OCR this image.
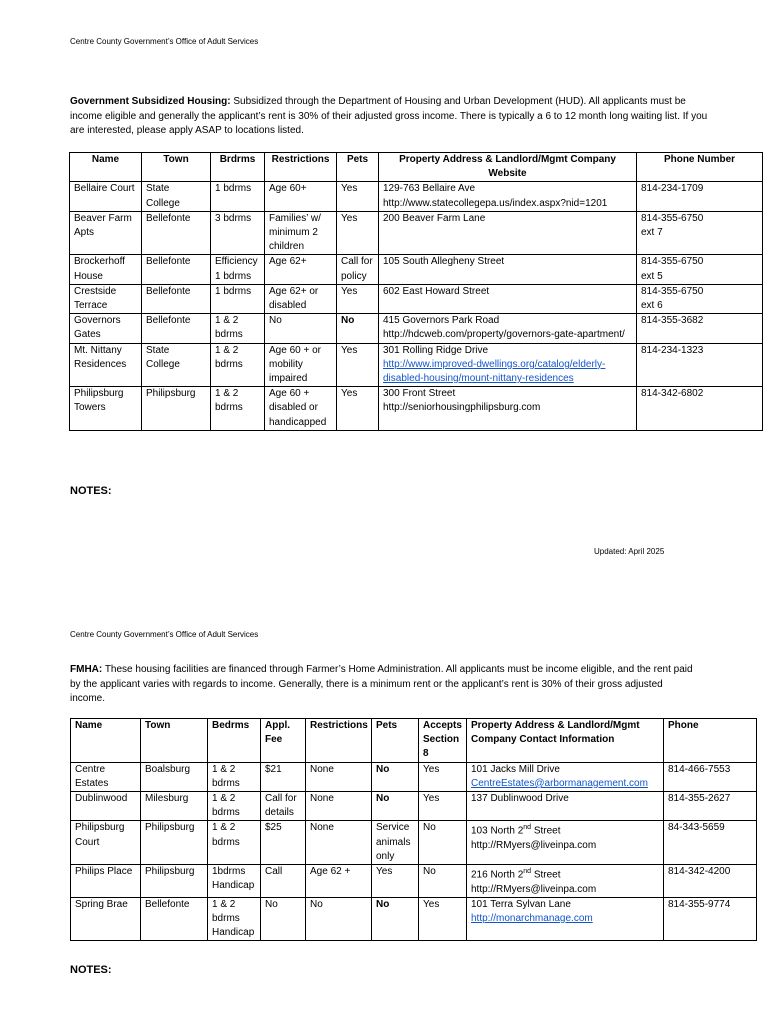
Centre County Government’s Office of Adult Services
Government Subsidized Housing: Subsidized through the Department of Housing and Urban Development (HUD). All applicants must be income eligible and generally the applicant’s rent is 30% of their adjusted gross income. There is typically a 6 to 12 month long waiting list. If you are interested, please apply ASAP to locations listed.
Name	Town	Brdrms	Restrictions	Pets	Property Address & Landlord/Mgmt Company Website	Phone Number
Bellaire Court	State College	1 bdrms	Age 60+	Yes	129-763 Bellaire Ave
http://www.statecollegepa.us/index.aspx?nid=1201	814-234-1709
Beaver Farm Apts	Bellefonte	3 bdrms	Families’ w/ minimum 2 children	Yes	200 Beaver Farm Lane	814-355-6750
ext 7
Brockerhoff House	Bellefonte	Efficiency 1 bdrms	Age 62+	Call for policy	105 South Allegheny Street	814-355-6750
ext 5
Crestside Terrace	Bellefonte	1 bdrms	Age 62+ or disabled	Yes	602 East Howard Street	814-355-6750
ext 6
Governors Gates	Bellefonte	1 & 2 bdrms	No	No	415 Governors Park Road
http://hdcweb.com/property/governors-gate-apartment/	814-355-3682
Mt. Nittany Residences	State College	1 & 2 bdrms	Age 60 + or mobility impaired	Yes	301 Rolling Ridge Drive
http://www.improved-dwellings.org/catalog/elderly-disabled-housing/mount-nittany-residences	814-234-1323
Philipsburg Towers	Philipsburg	1 & 2 bdrms	Age 60 + disabled or handicapped	Yes	300 Front Street
http://seniorhousingphilipsburg.com	814-342-6802
NOTES:
Updated: April 2025
Centre County Government’s Office of Adult Services
FMHA: These housing facilities are financed through Farmer’s Home Administration. All applicants must be income eligible, and the rent paid by the applicant varies with regards to income. Generally, there is a minimum rent or the applicant’s rent is 30% of their gross adjusted income.
Name	Town	Bedrms	Appl. Fee	Restrictions	Pets	Accepts Section 8	Property Address & Landlord/Mgmt Company Contact Information	Phone
Centre Estates	Boalsburg	1 & 2 bdrms	$21	None	No	Yes	101 Jacks Mill Drive
CentreEstates@arbormanagement.com	814-466-7553
Dublinwood	Milesburg	1 & 2 bdrms	Call for details	None	No	Yes	137 Dublinwood Drive	814-355-2627
Philipsburg Court	Philipsburg	1 & 2 bdrms	$25	None	Service animals only	No	103 North 2nd Street
http://RMyers@liveinpa.com	84-343-5659
Philips Place	Philipsburg	1bdrms Handicap	Call	Age 62 +	Yes	No	216 North 2nd Street
http://RMyers@liveinpa.com	814-342-4200
Spring Brae	Bellefonte	1 & 2 bdrms Handicap	No	No	No	Yes	101 Terra Sylvan Lane
http://monarchmanage.com	814-355-9774
NOTES:
